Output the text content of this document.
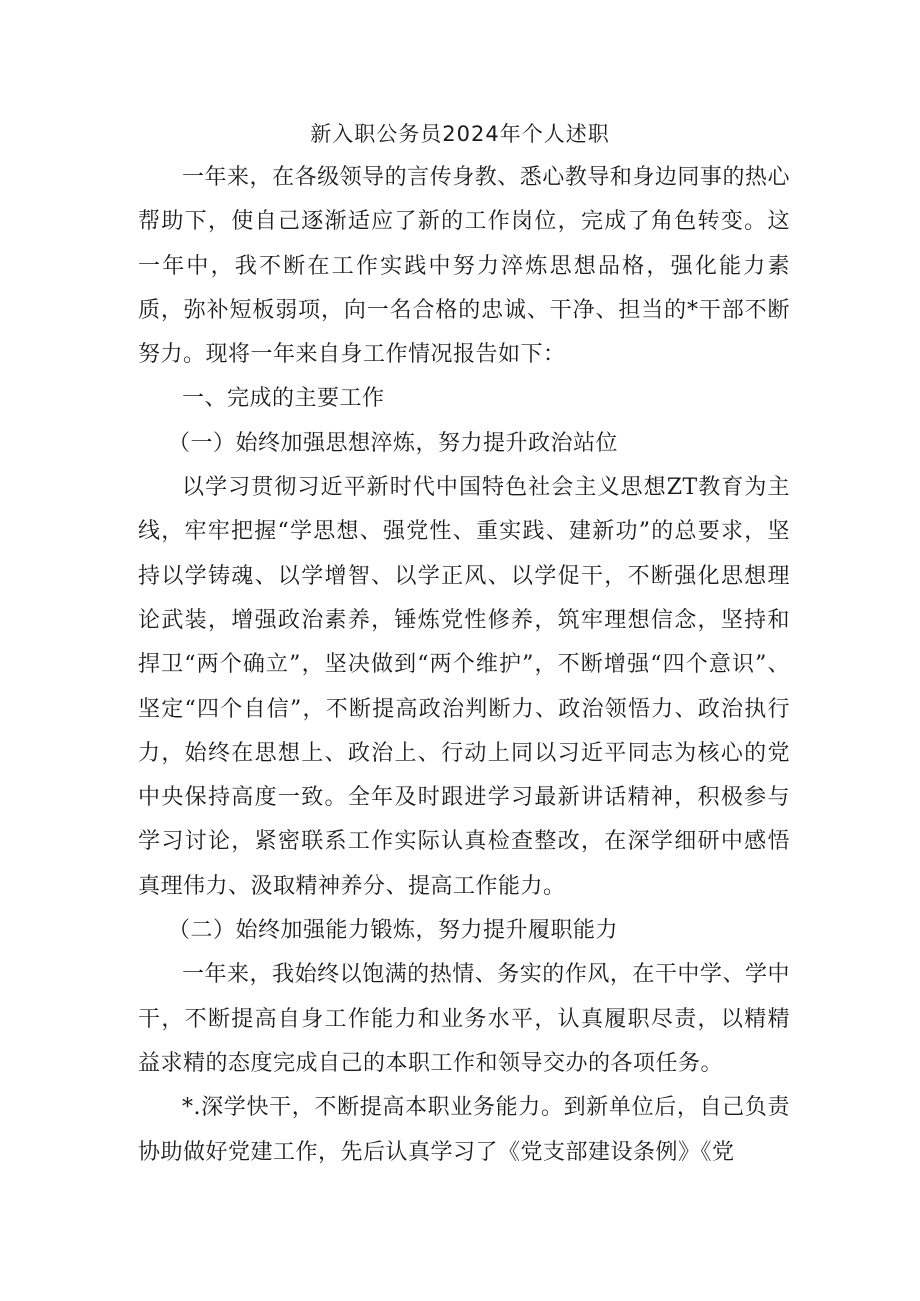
新入职公务员2024年个人述职

一年来，在各级领导的言传身教、悉心教导和身边同事的热心帮助下，使自己逐渐适应了新的工作岗位，完成了角色转变。这一年中，我不断在工作实践中努力淬炼思想品格，强化能力素质，弥补短板弱项，向一名合格的忠诚、干净、担当的*干部不断努力。现将一年来自身工作情况报告如下：

一、完成的主要工作

（一）始终加强思想淬炼，努力提升政治站位

以学习贯彻习近平新时代中国特色社会主义思想ZT教育为主线，牢牢把握“学思想、强党性、重实践、建新功”的总要求，坚持以学铸魂、以学增智、以学正风、以学促干，不断强化思想理论武装，增强政治素养，锤炼党性修养，筑牢理想信念，坚持和捍卫“两个确立”，坚决做到“两个维护”，不断增强“四个意识”、坚定“四个自信”，不断提高政治判断力、政治领悟力、政治执行力，始终在思想上、政治上、行动上同以习近平同志为核心的党中央保持高度一致。全年及时跟进学习最新讲话精神，积极参与学习讨论，紧密联系工作实际认真检查整改，在深学细研中感悟真理伟力、汲取精神养分、提高工作能力。

（二）始终加强能力锻炼，努力提升履职能力

一年来，我始终以饱满的热情、务实的作风，在干中学、学中干，不断提高自身工作能力和业务水平，认真履职尽责，以精精益求精的态度完成自己的本职工作和领导交办的各项任务。

*.深学快干，不断提高本职业务能力。到新单位后，自己负责协助做好党建工作，先后认真学习了《党支部建设条例》《党
